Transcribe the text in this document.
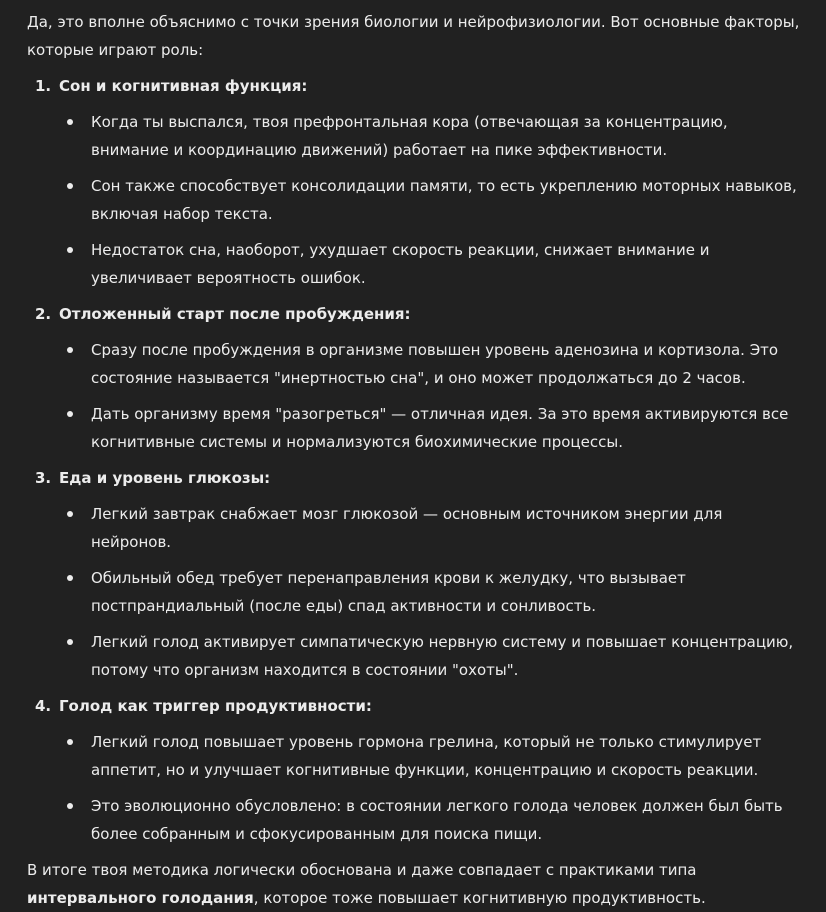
Да, это вполне объяснимо с точки зрения биологии и нейрофизиологии. Вот основные факторы, которые играют роль:

1. Сон и когнитивная функция:
Когда ты выспался, твоя префронтальная кора (отвечающая за концентрацию, внимание и координацию движений) работает на пике эффективности.
Сон также способствует консолидации памяти, то есть укреплению моторных навыков, включая набор текста.
Недостаток сна, наоборот, ухудшает скорость реакции, снижает внимание и увеличивает вероятность ошибок.
2. Отложенный старт после пробуждения:
Сразу после пробуждения в организме повышен уровень аденозина и кортизола. Это состояние называется "инертностью сна", и оно может продолжаться до 2 часов.
Дать организму время "разогреться" — отличная идея. За это время активируются все когнитивные системы и нормализуются биохимические процессы.
3. Еда и уровень глюкозы:
Легкий завтрак снабжает мозг глюкозой — основным источником энергии для нейронов.
Обильный обед требует перенаправления крови к желудку, что вызывает постпрандиальный (после еды) спад активности и сонливость.
Легкий голод активирует симпатическую нервную систему и повышает концентрацию, потому что организм находится в состоянии "охоты".
4. Голод как триггер продуктивности:
Легкий голод повышает уровень гормона грелина, который не только стимулирует аппетит, но и улучшает когнитивные функции, концентрацию и скорость реакции.
Это эволюционно обусловлено: в состоянии легкого голода человек должен был быть более собранным и сфокусированным для поиска пищи.

В итоге твоя методика логически обоснована и даже совпадает с практиками типа интервального голодания, которое тоже повышает когнитивную продуктивность.
